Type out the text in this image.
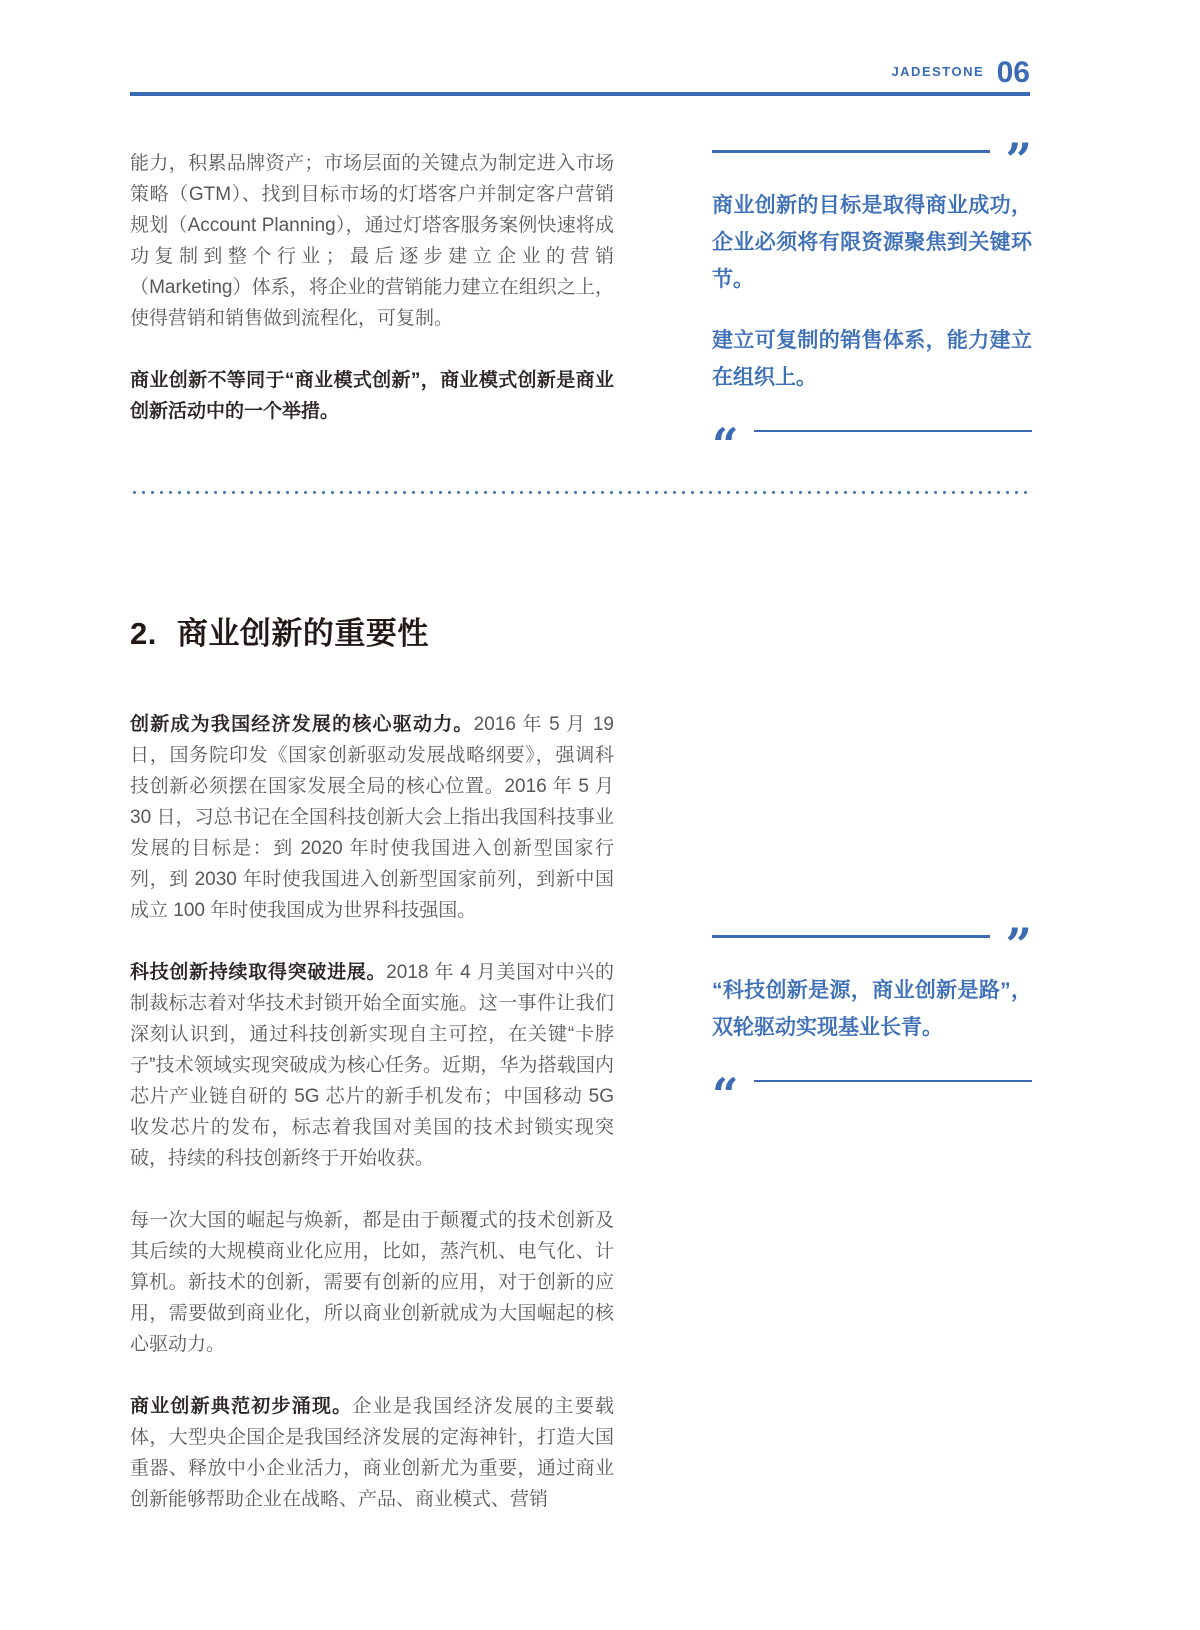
$^{JADESTONE}$ 06

能力，积累品牌资产；市场层面的关键点为制定进入市场策略（GTM）、找到目标市场的灯塔客户并制定客户营销规划（Account Planning），通过灯塔客服务案例快速将成功复制到整个行业；最后逐步建立企业的营销（Marketing）体系，将企业的营销能力建立在组织之上，使得营销和销售做到流程化，可复制。

商业创新不等同于“商业模式创新”，商业模式创新是商业创新活动中的一个举措。

”

商业创新的目标是取得商业成功，企业必须将有限资源聚焦到关键环节。

建立可复制的销售体系，能力建立在组织上。

“
2. 商业创新的重要性

创新成为我国经济发展的核心驱动力。2016 年 5 月 19 日，国务院印发《国家创新驱动发展战略纲要》，强调科技创新必须摆在国家发展全局的核心位置。2016 年 5 月 30 日，习总书记在全国科技创新大会上指出我国科技事业发展的目标是：到 2020 年时使我国进入创新型国家行列，到 2030 年时使我国进入创新型国家前列，到新中国成立 100 年时使我国成为世界科技强国。

科技创新持续取得突破进展。2018 年 4 月美国对中兴的制裁标志着对华技术封锁开始全面实施。这一事件让我们深刻认识到，通过科技创新实现自主可控，在关键“卡脖子”技术领域实现突破成为核心任务。近期，华为搭载国内芯片产业链自研的 5G 芯片的新手机发布；中国移动 5G 收发芯片的发布，标志着我国对美国的技术封锁实现突破，持续的科技创新终于开始收获。

每一次大国的崛起与焕新，都是由于颠覆式的技术创新及其后续的大规模商业化应用，比如，蒸汽机、电气化、计算机。新技术的创新，需要有创新的应用，对于创新的应用，需要做到商业化，所以商业创新就成为大国崛起的核心驱动力。

商业创新典范初步涌现。企业是我国经济发展的主要载体，大型央企国企是我国经济发展的定海神针，打造大国重器、释放中小企业活力，商业创新尤为重要，通过商业创新能够帮助企业在战略、产品、商业模式、营销

”

“科技创新是源，商业创新是路”，双轮驱动实现基业长青。

“
